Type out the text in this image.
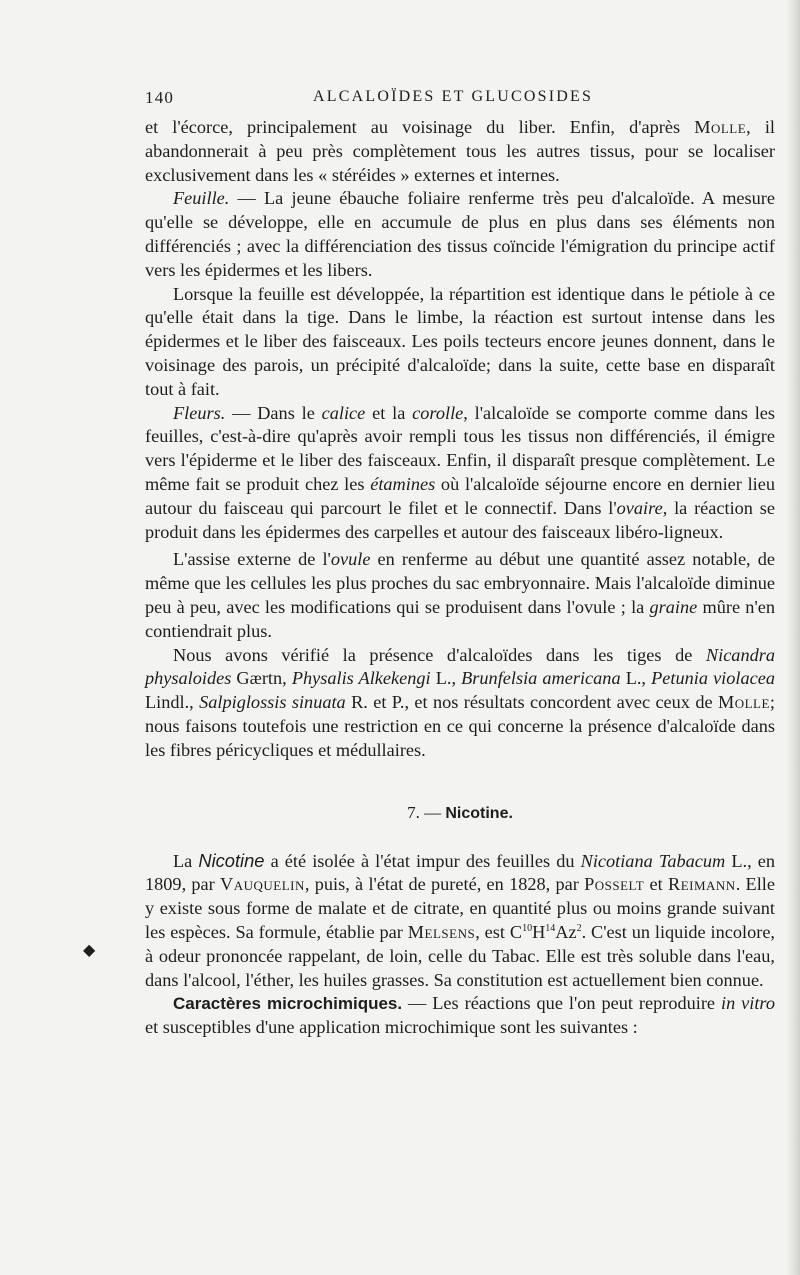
◆
140	ALCALOÏDES ET GLUCOSIDES

et l'écorce, principalement au voisinage du liber. Enfin, d'après Molle, il abandonnerait à peu près complètement tous les autres tissus, pour se localiser exclusivement dans les « stéréides » externes et internes.

Feuille. — La jeune ébauche foliaire renferme très peu d'alcaloïde. A mesure qu'elle se développe, elle en accumule de plus en plus dans ses éléments non différenciés ; avec la différenciation des tissus coïncide l'émigration du principe actif vers les épidermes et les libers.

Lorsque la feuille est développée, la répartition est identique dans le pétiole à ce qu'elle était dans la tige. Dans le limbe, la réaction est surtout intense dans les épidermes et le liber des faisceaux. Les poils tecteurs encore jeunes donnent, dans le voisinage des parois, un précipité d'alcaloïde; dans la suite, cette base en disparaît tout à fait.

Fleurs. — Dans le calice et la corolle, l'alcaloïde se comporte comme dans les feuilles, c'est-à-dire qu'après avoir rempli tous les tissus non différenciés, il émigre vers l'épiderme et le liber des faisceaux. Enfin, il disparaît presque complètement. Le même fait se produit chez les étamines où l'alcaloïde séjourne encore en dernier lieu autour du faisceau qui parcourt le filet et le connectif. Dans l'ovaire, la réaction se produit dans les épidermes des carpelles et autour des faisceaux libéro-ligneux.

L'assise externe de l'ovule en renferme au début une quantité assez notable, de même que les cellules les plus proches du sac embryonnaire. Mais l'alcaloïde diminue peu à peu, avec les modifications qui se produisent dans l'ovule ; la graine mûre n'en contiendrait plus.

Nous avons vérifié la présence d'alcaloïdes dans les tiges de Nicandra physaloides Gærtn, Physalis Alkekengi L., Brunfelsia americana L., Petunia violacea Lindl., Salpiglossis sinuata R. et P., et nos résultats concordent avec ceux de Molle; nous faisons toutefois une restriction en ce qui concerne la présence d'alcaloïde dans les fibres péricycliques et médullaires.

7. — Nicotine.

La Nicotine a été isolée à l'état impur des feuilles du Nicotiana Tabacum L., en 1809, par Vauquelin, puis, à l'état de pureté, en 1828, par Posselt et Reimann. Elle y existe sous forme de malate et de citrate, en quantité plus ou moins grande suivant les espèces. Sa formule, établie par Melsens, est $C^{10}H^{14}Az^2$. C'est un liquide incolore, à odeur prononcée rappelant, de loin, celle du Tabac. Elle est très soluble dans l'eau, dans l'alcool, l'éther, les huiles grasses. Sa constitution est actuellement bien connue.

Caractères microchimiques. — Les réactions que l'on peut reproduire in vitro et susceptibles d'une application microchimique sont les suivantes :
